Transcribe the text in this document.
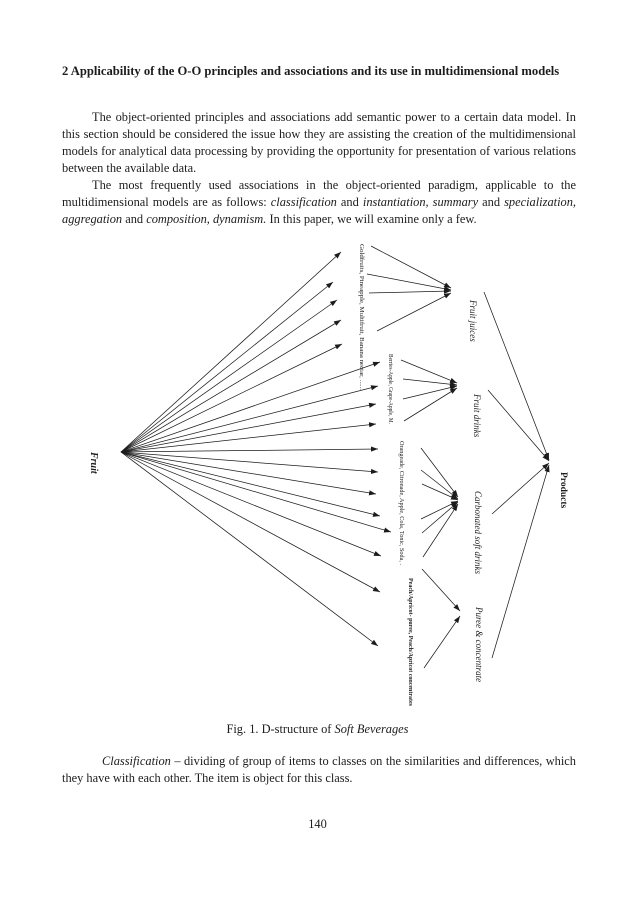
2 Applicability of the O-O principles and associations and its use in multidimensional models

The object-oriented principles and associations add semantic power to a certain data model. In this section should be considered the issue how they are assisting the creation of the multidimensional models for analytical data processing by providing the opportunity for presentation of various relations between the available data.

The most frequently used associations in the object-oriented paradigm, applicable to the multidimensional models are as follows: classification and instantiation, summary and specialization, aggregation and composition, dynamism. In this paper, we will examine only a few.

Fruit
Goldfruits, Pineapple, Multifruit, Banana nectar, ......
Berries-Apple, Grape-Apple, M.
Orangeade, Citronade, Apple, Cola, Tonic, Soda, .
Peach/Apricot- puree, Peach/Apricot concentrates
Fruit juices
Fruit drinks
Carbonated soft drinks
Puree & concentrate
Products
Fig. 1. D-structure of Soft Beverages

Classification – dividing of group of items to classes on the similarities and differences, which they have with each other. The item is object for this class.

140
